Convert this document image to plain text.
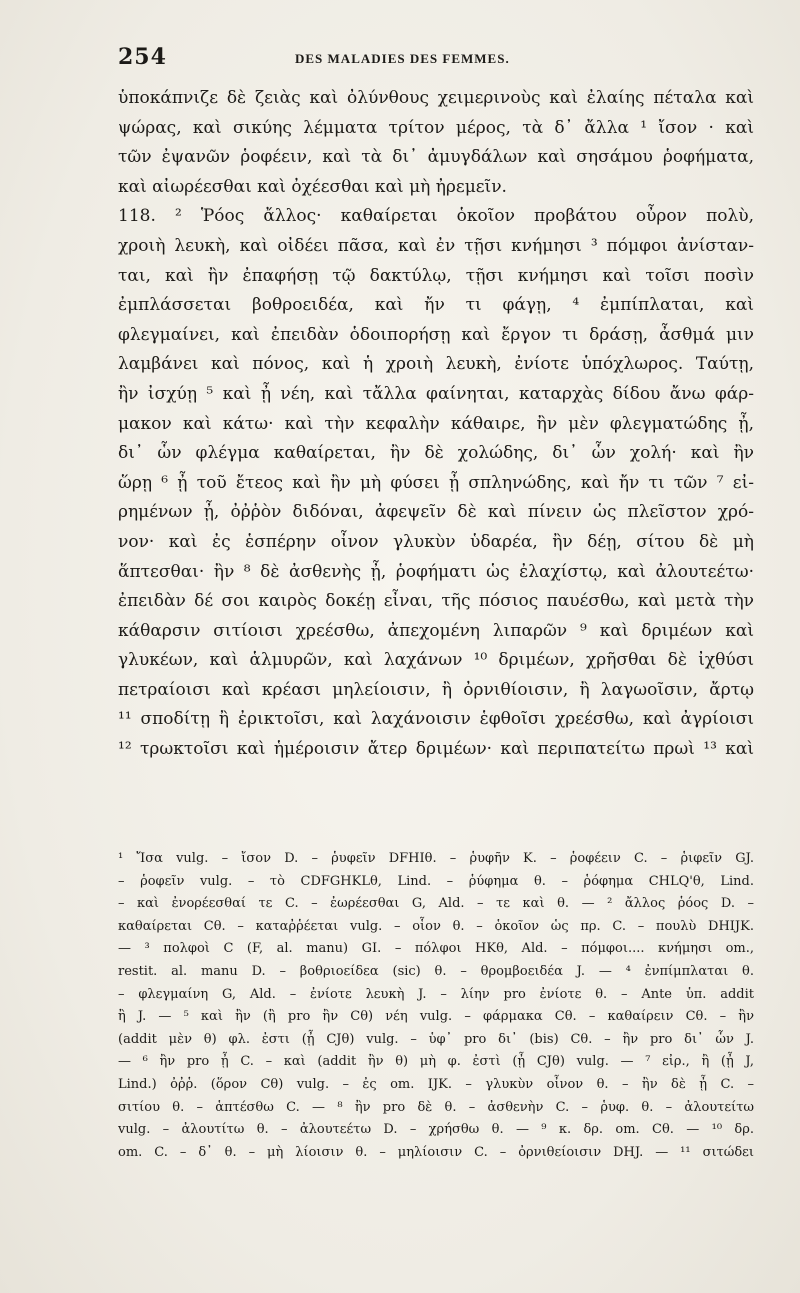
254	DES MALADIES DES FEMMES.
ὑποκάπνιζε δὲ ζειὰς καὶ ὀλύνθους χειμερινοὺς καὶ ἐλαίης πέταλα καὶ
ψώρας, καὶ σικύης λέμματα τρίτον μέρος, τὰ δ᾽ ἄλλα ¹ ἴσον · καὶ
τῶν ἐψανῶν ῥοφέειν, καὶ τὰ δι᾽ ἀμυγδάλων καὶ σησάμου ῥοφήματα,
καὶ αἰωρέεσθαι καὶ ὀχέεσθαι καὶ μὴ ἠρεμεῖν.
118. ² Ῥόος ἄλλος· καθαίρεται ὁκοῖον προβάτου οὖρον πολὺ,
χροιὴ λευκὴ, καὶ οἰδέει πᾶσα, καὶ ἐν τῇσι κνήμησι ³ πόμφοι ἀνίσταν-
ται, καὶ ἢν ἐπαφήσῃ τῷ δακτύλῳ, τῇσι κνήμησι καὶ τοῖσι ποσὶν
ἐμπλάσσεται βοθροειδέα, καὶ ἤν τι φάγῃ, ⁴ ἐμπίπλαται, καὶ
φλεγμαίνει, καὶ ἐπειδὰν ὁδοιπορήσῃ καὶ ἔργον τι δράσῃ, ἆσθμά μιν
λαμβάνει καὶ πόνος, καὶ ἡ χροιὴ λευκὴ, ἐνίοτε ὑπόχλωρος. Ταύτῃ,
ἢν ἰσχύῃ ⁵ καὶ ᾖ νέη, καὶ τἄλλα φαίνηται, καταρχὰς δίδου ἄνω φάρ-
μακον καὶ κάτω· καὶ τὴν κεφαλὴν κάθαιρε, ἢν μὲν φλεγματώδης ᾖ,
δι᾽ ὧν φλέγμα καθαίρεται, ἢν δὲ χολώδης, δι᾽ ὧν χολή· καὶ ἢν
ὥρῃ ⁶ ᾖ τοῦ ἔτεος καὶ ἢν μὴ φύσει ᾖ σπληνώδης, καὶ ἤν τι τῶν ⁷ εἰ-
ρημένων ᾖ, ὀῤῥὸν διδόναι, ἀφεψεῖν δὲ καὶ πίνειν ὡς πλεῖστον χρό-
νον· καὶ ἐς ἑσπέρην οἶνον γλυκὺν ὑδαρέα, ἢν δέῃ, σίτου δὲ μὴ
ἅπτεσθαι· ἢν ⁸ δὲ ἀσθενὴς ᾖ, ῥοφήματι ὡς ἐλαχίστῳ, καὶ ἀλουτεέτω·
ἐπειδὰν δέ σοι καιρὸς δοκέῃ εἶναι, τῆς πόσιος παυέσθω, καὶ μετὰ τὴν
κάθαρσιν σιτίοισι χρεέσθω, ἀπεχομένη λιπαρῶν ⁹ καὶ δριμέων καὶ
γλυκέων, καὶ ἁλμυρῶν, καὶ λαχάνων ¹⁰ δριμέων, χρῆσθαι δὲ ἰχθύσι
πετραίοισι καὶ κρέασι μηλείοισιν, ἢ ὀρνιθίοισιν, ἢ λαγωοῖσιν, ἄρτῳ
¹¹ σποδίτῃ ἢ ἐρικτοῖσι, καὶ λαχάνοισιν ἑφθοῖσι χρεέσθω, καὶ ἀγρίοισι
¹² τρωκτοῖσι καὶ ἡμέροισιν ἄτερ δριμέων· καὶ περιπατείτω πρωὶ ¹³ καὶ
¹ Ἴσα vulg. – ἴσον D. – ῥυφεῖν DFHIθ. – ῥυφῆν K. – ῥοφέειν C. – ῥιφεῖν GJ.
– ῥοφεῖν vulg. – τὸ CDFGHKLθ, Lind. – ῥύφημα θ. – ῥόφημα CHLQ'θ, Lind.
– καὶ ἐνορέεσθαί τε C. – ἐωρέεσθαι G, Ald. – τε καὶ θ. — ² ἄλλος ῥόος D. –
καθαίρεται Cθ. – καταῤῥέεται vulg. – οἷον θ. – ὁκοῖον ὡς πρ. C. – πουλὺ DHIJK.
— ³ πολφοὶ C (F, al. manu) GI. – πόλφοι HKθ, Ald. – πόμφοι.... κνήμησι om.,
restit. al. manu D. – βοθριοείδεα (sic) θ. – θρομβοειδέα J. — ⁴ ἐνπίμπλαται θ.
– φλεγμαίνη G, Ald. – ἐνίοτε λευκὴ J. – λίην pro ἐνίοτε θ. – Ante ὑπ. addit
ἢ J. — ⁵ καὶ ἢν (ἢ pro ἢν Cθ) νέη vulg. – φάρμακα Cθ. – καθαίρειν Cθ. – ἢν
(addit μὲν θ) φλ. ἐστι (ᾖ CJθ) vulg. – ὑφ᾽ pro δι᾽ (bis) Cθ. – ἢν pro δι᾽ ὧν J.
— ⁶ ἢν pro ᾖ C. – καὶ (addit ἢν θ) μὴ φ. ἐστὶ (ᾖ CJθ) vulg. — ⁷ εἰρ., ἢ (ᾖ J,
Lind.) ὀῤῥ. (ὅρον Cθ) vulg. – ἐς om. IJK. – γλυκὺν οἶνον θ. – ἢν δὲ ᾖ C. –
σιτίου θ. – ἁπτέσθω C. — ⁸ ἢν pro δὲ θ. – ἀσθενὴν C. – ῥυφ. θ. – ἀλουτείτω
vulg. – ἀλουτίτω θ. – ἀλουτεέτω D. – χρήσθω θ. — ⁹ κ. δρ. om. Cθ. — ¹⁰ δρ.
om. C. – δ᾽ θ. – μὴ λίοισιν θ. – μηλίοισιν C. – ὀρνιθείοισιν DHJ. — ¹¹ σιτώδει
